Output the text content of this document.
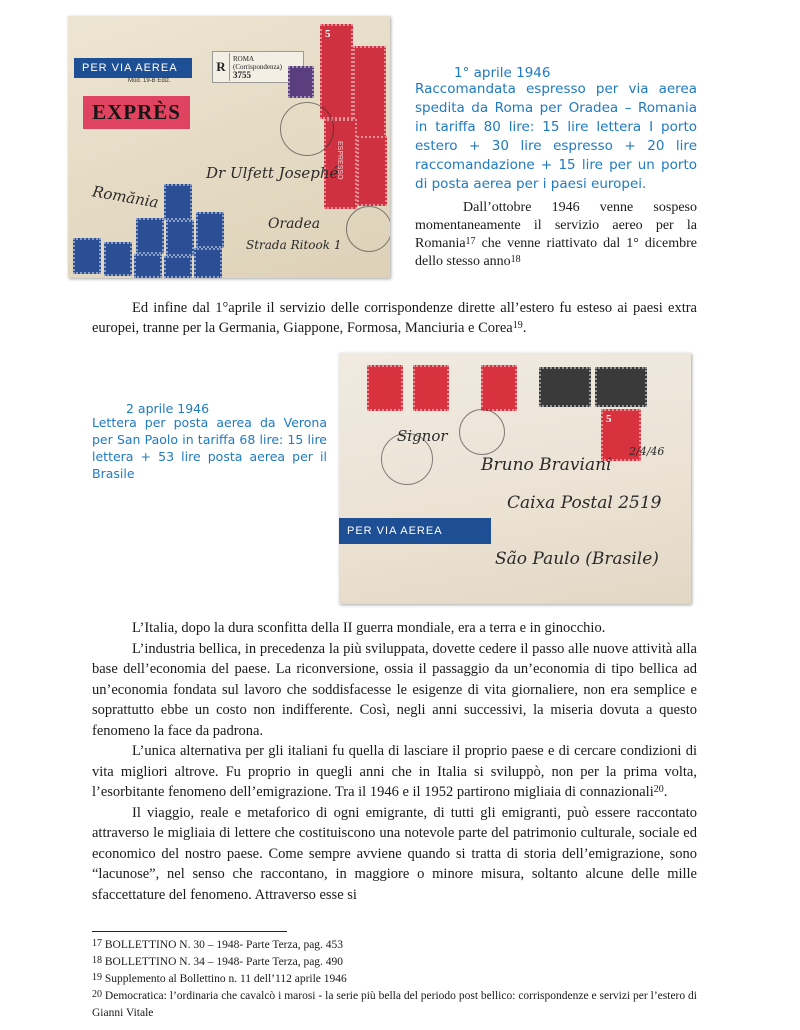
PER VIA AEREA
Mod. 19-B Ediz.
EXPRÈS
R	ROMA
(Corrispondenza)
3755
5
ESPRESSO
Dr Ulfett Josephé
Romănia
Oradea
Strada Ritook 1
1° aprile 1946
Raccomandata espresso per via aerea spedita da Roma per Oradea – Romania in tariffa 80 lire: 15 lire lettera I porto estero + 30 lire espresso + 20 lire raccomandazione + 15 lire per un porto di posta aerea per i paesi europei.
Dall’ottobre 1946 venne sospeso momentaneamente il servizio aereo per la Romania$^{17}$ che venne riattivato dal 1° dicembre dello stesso anno$^{18}$
Ed infine dal 1°aprile il servizio delle corrispondenze dirette all’estero fu esteso ai paesi extra europei, tranne per la Germania, Giappone, Formosa, Manciuria e Corea$^{19}$.
5
Signor
Bruno Braviani
2/4/46
Caixa Postal 2519
São Paulo (Brasile)
PER VIA AEREA
2 aprile 1946
Lettera per posta aerea da Verona per San Paolo in tariffa 68 lire: 15 lire lettera + 53 lire posta aerea per il Brasile

L’Italia, dopo la dura sconfitta della II guerra mondiale, era a terra e in ginocchio.

L’industria bellica, in precedenza la più sviluppata, dovette cedere il passo alle nuove attività alla base dell’economia del paese. La riconversione, ossia il passaggio da un’economia di tipo bellica ad un’economia fondata sul lavoro che soddisfacesse le esigenze di vita giornaliere, non era semplice e soprattutto ebbe un costo non indifferente. Così, negli anni successivi, la miseria dovuta a questo fenomeno la face da padrona.

L’unica alternativa per gli italiani fu quella di lasciare il proprio paese e di cercare condizioni di vita migliori altrove. Fu proprio in quegli anni che in Italia si sviluppò, non per la prima volta, l’esorbitante fenomeno dell’emigrazione. Tra il 1946 e il 1952 partirono migliaia di connazionali$^{20}$.

Il viaggio, reale e metaforico di ogni emigrante, di tutti gli emigranti, può essere raccontato attraverso le migliaia di lettere che costituiscono una notevole parte del patrimonio culturale, sociale ed economico del nostro paese. Come sempre avviene quando si tratta di storia dell’emigrazione, sono “lacunose”, nel senso che raccontano, in maggiore o minore misura, soltanto alcune delle mille sfaccettature del fenomeno. Attraverso esse si

$^{17}$ BOLLETTINO N. 30 – 1948- Parte Terza, pag. 453
$^{18}$ BOLLETTINO N. 34 – 1948- Parte Terza, pag. 490
$^{19}$ Supplemento al Bollettino n. 11 dell’112 aprile 1946
$^{20}$ Democratica: l’ordinaria che cavalcò i marosi - la serie più bella del periodo post bellico: corrispondenze e servizi per l’estero di Gianni Vitale
